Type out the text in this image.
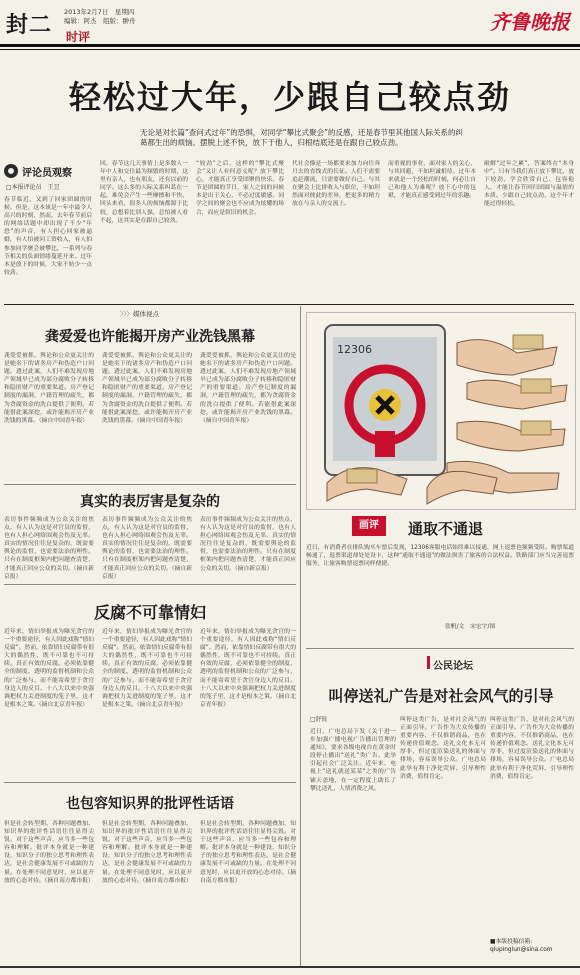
封二 2013年2月7日　星期四
编辑：阿杰　组版：翀舟
时评
齐鲁晚报
轻松过大年，少跟自己较点劲
无论是对长篇“查问式过年”的恐惧，对同学“攀比式聚会”的反感，还是春节里其他国人际关系的纠葛都生出的烦恼。摆脱上述不快，放下于他人，归根结底还是在跟自己较点劲。
评论员观察
□本报评论员　王昱
春节临近，又到了回家团圆的时候。但是，这本该是一年中最令人高兴的时刻，然而，去年春节前后的网络话题中却出现了不少“年恐”的声音，有人担心回家被逼婚，有人怕被问工资收入，有人怕参加同学聚会被攀比，一系列与春节相关的负面情绪蔓延开来。过年本是放下的时候，大家不妨少一点较劲。
回，春节这几天事情上是多数人一年中人和交往最为频繁的时期，这里有亲人，也有朋友，还有以前的同学。这么多的人际关系纠葛在一起，难免会产生一些摩擦和不快。回头来看，很多人的烦恼都源于比较，总想着比别人强，总怕被人看不起，这其实是在跟自己较劲。
“较劲”之后，这样的“攀比式聚会”又让人有何意义呢？放下攀比心，才能真正享受团聚的快乐。春节是团圆的节日，家人之间的问候本是出于关心，不必过度敏感。同学之间的聚会也不应成为炫耀的场合，而应是叙旧的机会。
代社会像是一场都要来加力向往奔月去的直线式的长征。人们不需要追赶潮流，只需要做好自己。与其在聚会上比拼收入与职位，不如坦然面对彼此的差异，把更多的精力放在与亲人的交流上。
而重视的事业，面对家人的关心，与其回避，不如坦诚相待。过年本来就是一个轻松的时刻，何必让自己和他人为难呢？放下心中的包袱，才能真正感受到过年的乐趣。
破解“过年之累”，答案终在“本身中”。只有当我们真正放下攀比、放下较劲，学会欣赏自己、包容他人，才能让春节回归团圆与温情的本质。少跟自己较点劲，这个年才能过得轻松。
〉〉〉媒体视点
龚爱爱也许能揭开房产业洗钱黑幕
龚爱爱被抓，舆论和公众更关注的是她名下的诸多房产和伪造户口问题。透过此案，人们不难发现房地产领域早已成为部分腐败分子转移和隐匿财产的重要渠道。房产登记制度的漏洞，户籍管理的疏失，都为贪腐资金的洗白提供了便利。若能借此案深挖，或许能揭开房产业洗钱的黑幕。（摘自中国青年报）
龚爱爱被抓，舆论和公众更关注的是她名下的诸多房产和伪造户口问题。透过此案，人们不难发现房地产领域早已成为部分腐败分子转移和隐匿财产的重要渠道。房产登记制度的漏洞，户籍管理的疏失，都为贪腐资金的洗白提供了便利。若能借此案深挖，或许能揭开房产业洗钱的黑幕。（摘自中国青年报）
龚爱爱被抓，舆论和公众更关注的是她名下的诸多房产和伪造户口问题。透过此案，人们不难发现房地产领域早已成为部分腐败分子转移和隐匿财产的重要渠道。房产登记制度的漏洞，户籍管理的疏失，都为贪腐资金的洗白提供了便利。若能借此案深挖，或许能揭开房产业洗钱的黑幕。（摘自中国青年报）
真实的表厉害是复杂的
表厉事件频频成为公众关注的焦点，有人认为这是对官员的监督，也有人担心网络围观会伤及无辜。真实的情况往往是复杂的，既需要舆论的监督，也需要法治的理性。只有在制度框架内把问题查清楚，才能真正回应公众的关切。（摘自新京报）
表厉事件频频成为公众关注的焦点，有人认为这是对官员的监督，也有人担心网络围观会伤及无辜。真实的情况往往是复杂的，既需要舆论的监督，也需要法治的理性。只有在制度框架内把问题查清楚，才能真正回应公众的关切。（摘自新京报）
表厉事件频频成为公众关注的焦点，有人认为这是对官员的监督，也有人担心网络围观会伤及无辜。真实的情况往往是复杂的，既需要舆论的监督，也需要法治的理性。只有在制度框架内把问题查清楚，才能真正回应公众的关切。（摘自新京报）
反腐不可靠情妇
近年来，情妇举报成为曝光贪官的一个重要途径，有人因此戏称“情妇反腐”。然而，依靠情妇反腐带有很大的偶然性，既不可靠也不可持续。真正有效的反腐，必须依靠健全的制度、透明的监督机制和公众的广泛参与，而不能寄希望于贪官身边人的反目。十八大以来中央强调把权力关进制度的笼子里，这才是根本之策。（摘自北京青年报）
近年来，情妇举报成为曝光贪官的一个重要途径，有人因此戏称“情妇反腐”。然而，依靠情妇反腐带有很大的偶然性，既不可靠也不可持续。真正有效的反腐，必须依靠健全的制度、透明的监督机制和公众的广泛参与，而不能寄希望于贪官身边人的反目。十八大以来中央强调把权力关进制度的笼子里，这才是根本之策。（摘自北京青年报）
近年来，情妇举报成为曝光贪官的一个重要途径，有人因此戏称“情妇反腐”。然而，依靠情妇反腐带有很大的偶然性，既不可靠也不可持续。真正有效的反腐，必须依靠健全的制度、透明的监督机制和公众的广泛参与，而不能寄希望于贪官身边人的反目。十八大以来中央强调把权力关进制度的笼子里，这才是根本之策。（摘自北京青年报）
也包容知识界的批评性话语
但是社会转型期，各种问题叠加，知识界的批评性话语往往显得尖锐。对于这些声音，应当多一些包容和理解。批评本身就是一种建设，知识分子的独立思考和理性表达，是社会健康发展不可或缺的力量。在处理不同意见时，应以更开放的心态对待。（摘自南方都市报）
但是社会转型期，各种问题叠加，知识界的批评性话语往往显得尖锐。对于这些声音，应当多一些包容和理解。批评本身就是一种建设，知识分子的独立思考和理性表达，是社会健康发展不可或缺的力量。在处理不同意见时，应以更开放的心态对待。（摘自南方都市报）
但是社会转型期，各种问题叠加，知识界的批评性话语往往显得尖锐。对于这些声音，应当多一些包容和理解。批评本身就是一种建设，知识分子的独立思考和理性表达，是社会健康发展不可或缺的力量。在处理不同意见时，应以更开放的心态对待。（摘自南方都市报）
12306
画评	通取不通退
近日，有消费者在排队购买车票后发现，12306客服电话始终难以接通，网上退票也频频受阻。购票渠道畅通了，退票渠道却处处设卡，这种“通取不通退”的做法损害了旅客的合法权益。铁路部门应当完善退票服务，让旅客购票退票同样便捷。
张帆/文　宋宏宇/图
公民论坛
叫停送礼广告是对社会风气的引导
□舒锐
近日，广电总局下发《关于进一步加强广播电视广告播出管理的通知》，要求各级电视台在黄金时段停止播出“送礼”类广告。此举引起社会广泛关注。近年来，电视上“送礼就送某某”之类的广告铺天盖地，在一定程度上助长了攀比送礼、人情消费之风。
叫停这类广告，是对社会风气的正面引导。广告作为大众传播的重要内容，不仅推销商品，也在传递价值观念。送礼文化本无可厚非，但过度渲染送礼的体面与排场，容易误导公众。广电总局此举有利于净化荧屏、引导理性消费，值得肯定。
叫停这类广告，是对社会风气的正面引导。广告作为大众传播的重要内容，不仅推销商品，也在传递价值观念。送礼文化本无可厚非，但过度渲染送礼的体面与排场，容易误导公众。广电总局此举有利于净化荧屏、引导理性消费，值得肯定。
■本版投稿信箱：qlupinglun@sina.com
